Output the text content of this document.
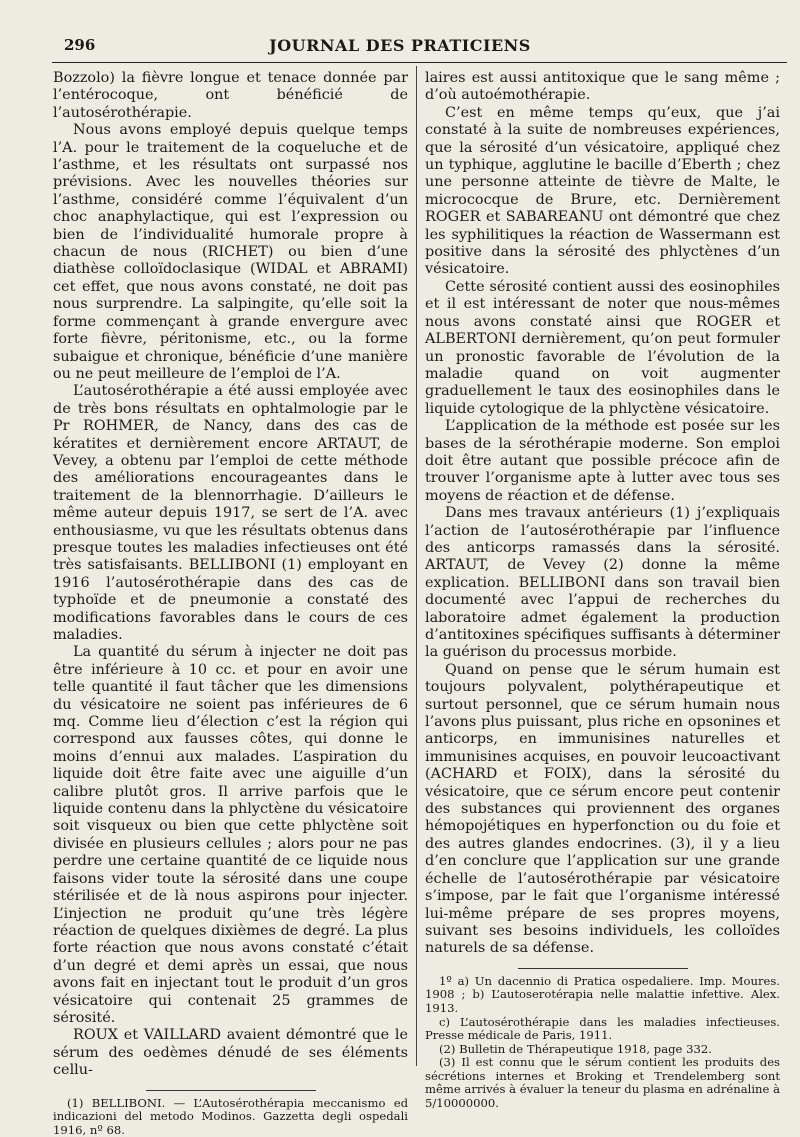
296	JOURNAL DES PRATICIENS

Bozzolo) la fièvre longue et tenace donnée par l’entérocoque, ont bénéficié de l’autosérothérapie.

Nous avons employé depuis quelque temps l’A. pour le traitement de la coqueluche et de l’asthme, et les résultats ont surpassé nos prévisions. Avec les nouvelles théories sur l’asthme, considéré comme l’équivalent d’un choc anaphylactique, qui est l’expression ou bien de l’individualité humorale propre à chacun de nous (RICHET) ou bien d’une diathèse colloïdoclasique (WIDAL et ABRAMI) cet effet, que nous avons constaté, ne doit pas nous surprendre. La salpingite, qu’elle soit la forme commençant à grande envergure avec forte fièvre, péritonisme, etc., ou la forme subaigue et chronique, bénéficie d’une manière ou ne peut meilleure de l’emploi de l’A.

L’autosérothérapie a été aussi employée avec de très bons résultats en ophtalmologie par le Pr ROHMER, de Nancy, dans des cas de kératites et dernièrement encore ARTAUT, de Vevey, a obtenu par l’emploi de cette méthode des améliorations encourageantes dans le traitement de la blennorrhagie. D’ailleurs le même auteur depuis 1917, se sert de l’A. avec enthousiasme, vu que les résultats obtenus dans presque toutes les maladies infectieuses ont été très satisfaisants. BELLIBONI (1) employant en 1916 l’autosérothérapie dans des cas de typhoïde et de pneumonie a constaté des modifications favorables dans le cours de ces maladies.

La quantité du sérum à injecter ne doit pas être inférieure à 10 cc. et pour en avoir une telle quantité il faut tâcher que les dimensions du vésicatoire ne soient pas inférieures de 6 mq. Comme lieu d’élection c’est la région qui correspond aux fausses côtes, qui donne le moins d’ennui aux malades. L’aspiration du liquide doit être faite avec une aiguille d’un calibre plutôt gros. Il arrive parfois que le liquide contenu dans la phlyctène du vésicatoire soit visqueux ou bien que cette phlyctène soit divisée en plusieurs cellules ; alors pour ne pas perdre une certaine quantité de ce liquide nous faisons vider toute la sérosité dans une coupe stérilisée et de là nous aspirons pour injecter. L’injection ne produit qu’une très légère réaction de quelques dixièmes de degré. La plus forte réaction que nous avons constaté c’était d’un degré et demi après un essai, que nous avons fait en injectant tout le produit d’un gros vésicatoire qui contenait 25 grammes de sérosité.

ROUX et VAILLARD avaient démontré que le sérum des oedèmes dénudé de ses éléments cellu-

(1) BELLIBONI. — L’Autosérothérapia meccanismo ed indicazioni del metodo Modinos. Gazzetta degli ospedali 1916, nº 68.

laires est aussi antitoxique que le sang même ; d’où autoémothérapie.

C’est en même temps qu’eux, que j’ai constaté à la suite de nombreuses expériences, que la sérosité d’un vésicatoire, appliqué chez un typhique, agglutine le bacille d’Eberth ; chez une personne atteinte de tièvre de Malte, le micrococque de Brure, etc. Dernièrement ROGER et SABAREANU ont démontré que chez les syphilitiques la réaction de Wassermann est positive dans la sérosité des phlyctènes d’un vésicatoire.

Cette sérosité contient aussi des eosinophiles et il est intéressant de noter que nous-mêmes nous avons constaté ainsi que ROGER et ALBERTONI dernièrement, qu’on peut formuler un pronostic favorable de l’évolution de la maladie quand on voit augmenter graduellement le taux des eosinophiles dans le liquide cytologique de la phlyctène vésicatoire.

L’application de la méthode est posée sur les bases de la sérothérapie moderne. Son emploi doit être autant que possible précoce afin de trouver l’organisme apte à lutter avec tous ses moyens de réaction et de défense.

Dans mes travaux antérieurs (1) j’expliquais l’action de l’autosérothérapie par l’influence des anticorps ramassés dans la sérosité. ARTAUT, de Vevey (2) donne la même explication. BELLIBONI dans son travail bien documenté avec l’appui de recherches du laboratoire admet également la production d’antitoxines spécifiques suffisants à déterminer la guérison du processus morbide.

Quand on pense que le sérum humain est toujours polyvalent, polythérapeutique et surtout personnel, que ce sérum humain nous l’avons plus puissant, plus riche en opsonines et anticorps, en immunisines naturelles et immunisines acquises, en pouvoir leucoactivant (ACHARD et FOIX), dans la sérosité du vésicatoire, que ce sérum encore peut contenir des substances qui proviennent des organes hémopojétiques en hyperfonction ou du foie et des autres glandes endocrines. (3), il y a lieu d’en conclure que l’application sur une grande échelle de l’autosérothérapie par vésicatoire s’impose, par le fait que l’organisme intéressé lui-même prépare de ses propres moyens, suivant ses besoins individuels, les colloïdes naturels de sa défense.

1º a) Un dacennio di Pratica ospedaliere. Imp. Moures. 1908 ; b) L’autoserotérapia nelle malattie infettive. Alex. 1913.

c) L’autosérothérapie dans les maladies infectieuses. Presse médicale de Paris, 1911.

(2) Bulletin de Thérapeutique 1918, page 332.

(3) Il est connu que le sérum contient les produits des sécrétions internes et Broking et Trendelemberg sont même arrivés à évaluer la teneur du plasma en adrénaline à 5/10000000.
